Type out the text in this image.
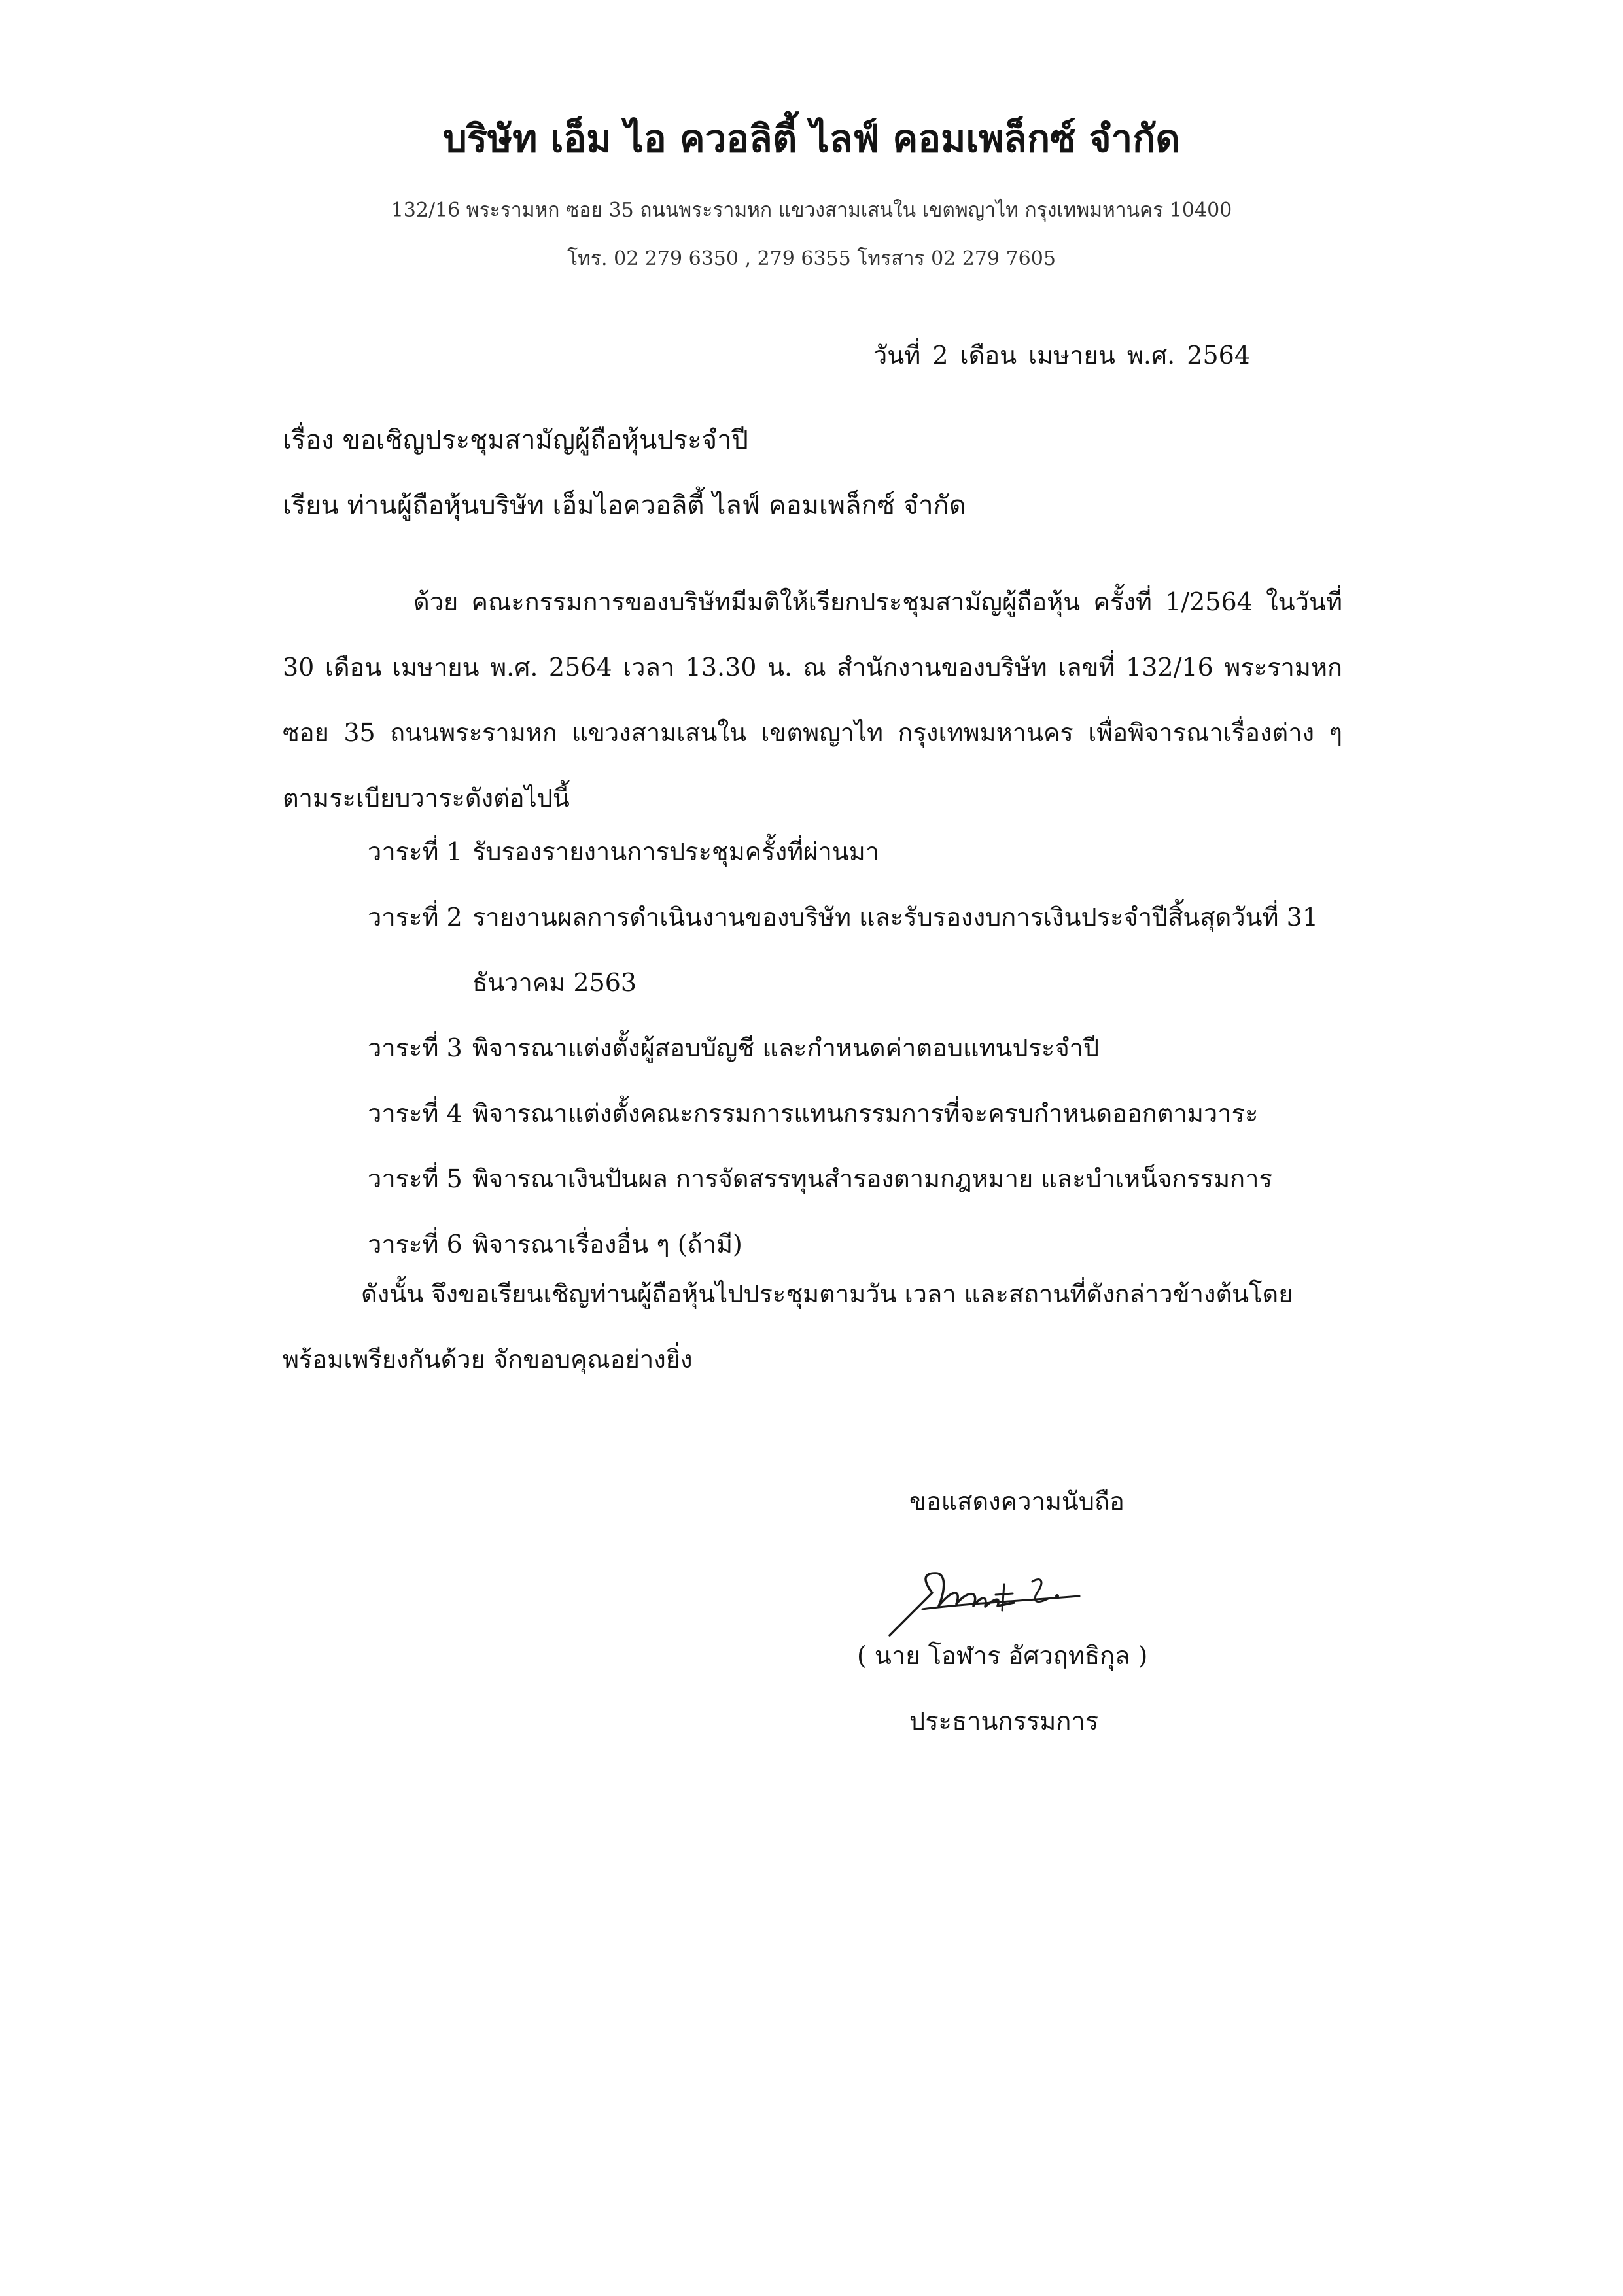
บริษัท เอ็ม ไอ ควอลิตี้ ไลฟ์ คอมเพล็กซ์ จำกัด

132/16 พระรามหก ซอย 35 ถนนพระรามหก แขวงสามเสนใน เขตพญาไท กรุงเทพมหานคร 10400

โทร. 02 279 6350 , 279 6355 โทรสาร 02 279 7605

วันที่ 2 เดือน เมษายน พ.ศ. 2564

เรื่อง ขอเชิญประชุมสามัญผู้ถือหุ้นประจำปี

เรียน ท่านผู้ถือหุ้นบริษัท เอ็มไอควอลิตี้ ไลฟ์ คอมเพล็กซ์ จำกัด

ด้วย คณะกรรมการของบริษัทมีมติให้เรียกประชุมสามัญผู้ถือหุ้น ครั้งที่ 1/2564 ในวันที่ 30 เดือน เมษายน พ.ศ. 2564 เวลา 13.30 น. ณ สำนักงานของบริษัท เลขที่ 132/16 พระรามหก ซอย 35 ถนนพระรามหก แขวงสามเสนใน เขตพญาไท กรุงเทพมหานคร เพื่อพิจารณาเรื่องต่าง ๆ ตามระเบียบวาระดังต่อไปนี้

วาระที่ 1 รับรองรายงานการประชุมครั้งที่ผ่านมา
วาระที่ 2 รายงานผลการดำเนินงานของบริษัท และรับรองงบการเงินประจำปีสิ้นสุดวันที่ 31 ธันวาคม 2563
วาระที่ 3 พิจารณาแต่งตั้งผู้สอบบัญชี และกำหนดค่าตอบแทนประจำปี
วาระที่ 4 พิจารณาแต่งตั้งคณะกรรมการแทนกรรมการที่จะครบกำหนดออกตามวาระ
วาระที่ 5 พิจารณาเงินปันผล การจัดสรรทุนสำรองตามกฎหมาย และบำเหน็จกรรมการ
วาระที่ 6 พิจารณาเรื่องอื่น ๆ (ถ้ามี)

ดังนั้น จึงขอเรียนเชิญท่านผู้ถือหุ้นไปประชุมตามวัน เวลา และสถานที่ดังกล่าวข้างต้นโดยพร้อมเพรียงกันด้วย จักขอบคุณอย่างยิ่ง

ขอแสดงความนับถือ

( นาย โอฬาร อัศวฤทธิกุล )

ประธานกรรมการ
